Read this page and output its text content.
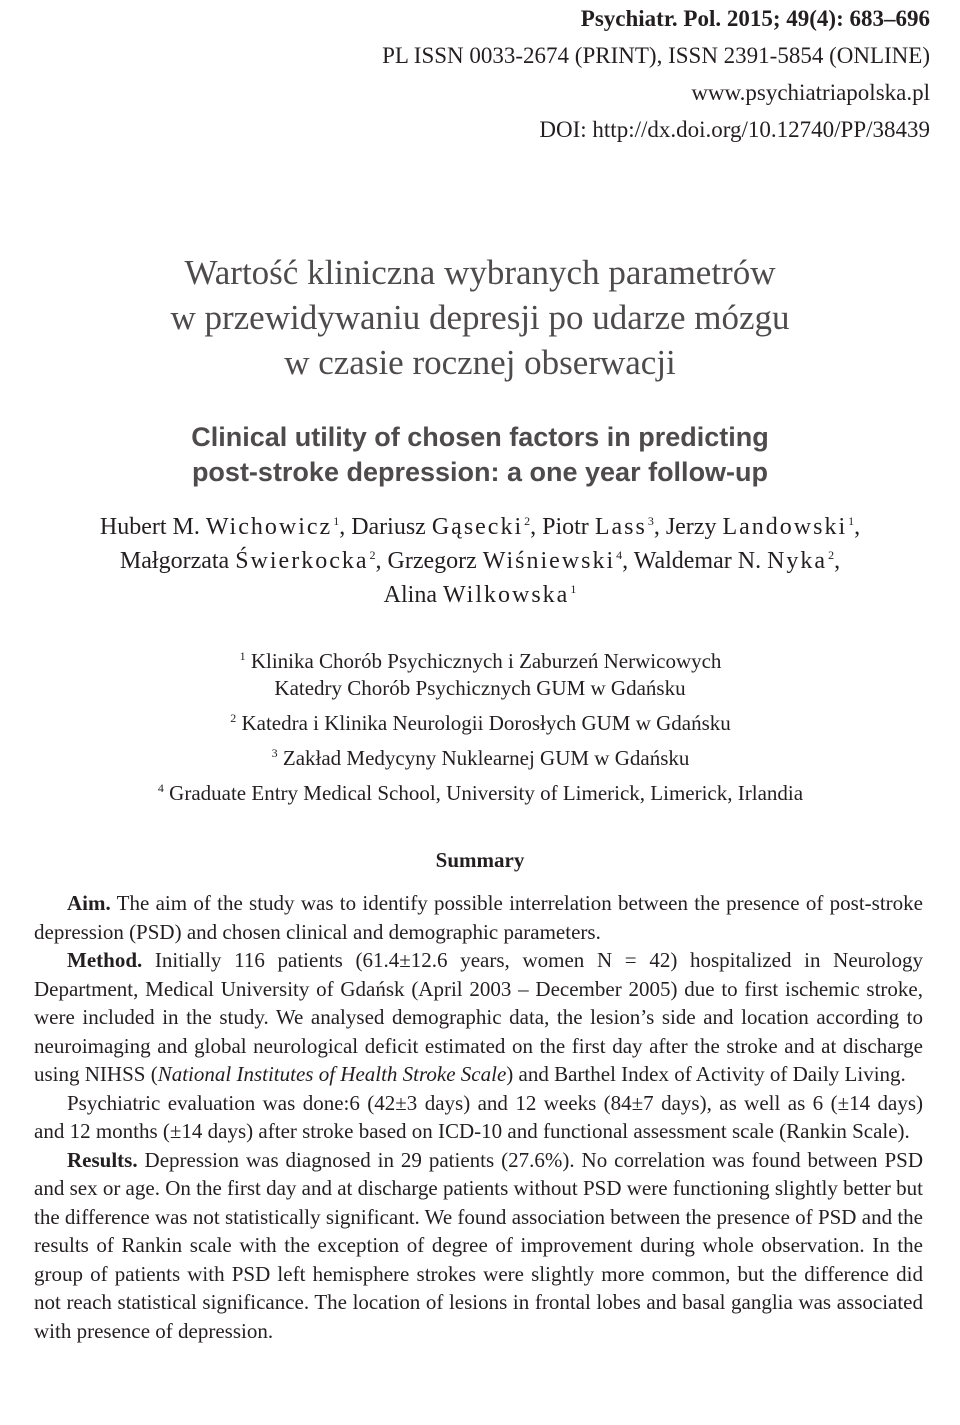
Psychiatr. Pol. 2015; 49(4): 683–696
PL ISSN 0033-2674 (PRINT), ISSN 2391-5854 (ONLINE)
www.psychiatriapolska.pl
DOI: http://dx.doi.org/10.12740/PP/38439
Wartość kliniczna wybranych parametrów
w przewidywaniu depresji po udarze mózgu
w czasie rocznej obserwacji
Clinical utility of chosen factors in predicting
post-stroke depression: a one year follow-up
Hubert M. Wichowicz$^1$, Dariusz Gąsecki$^2$, Piotr Lass$^3$, Jerzy Landowski$^1$,
Małgorzata Świerkocka$^2$, Grzegorz Wiśniewski$^4$, Waldemar N. Nyka$^2$,
Alina Wilkowska$^1$
$^1$ Klinika Chorób Psychicznych i Zaburzeń Nerwicowych
Katedry Chorób Psychicznych GUM w Gdańsku
$^2$ Katedra i Klinika Neurologii Dorosłych GUM w Gdańsku
$^3$ Zakład Medycyny Nuklearnej GUM w Gdańsku
$^4$ Graduate Entry Medical School, University of Limerick, Limerick, Irlandia
Summary

Aim. The aim of the study was to identify possible interrelation between the presence of post-stroke depression (PSD) and chosen clinical and demographic parameters.

Method. Initially 116 patients (61.4±12.6 years, women N = 42) hospitalized in Neurology Department, Medical University of Gdańsk (April 2003 – December 2005) due to first ischemic stroke, were included in the study. We analysed demographic data, the lesion’s side and location according to neuroimaging and global neurological deficit estimated on the first day after the stroke and at discharge using NIHSS (National Institutes of Health Stroke Scale) and Barthel Index of Activity of Daily Living.

Psychiatric evaluation was done:6 (42±3 days) and 12 weeks (84±7 days), as well as 6 (±14 days) and 12 months (±14 days) after stroke based on ICD-10 and functional assessment scale (Rankin Scale).

Results. Depression was diagnosed in 29 patients (27.6%). No correlation was found between PSD and sex or age. On the first day and at discharge patients without PSD were functioning slightly better but the difference was not statistically significant. We found association between the presence of PSD and the results of Rankin scale with the exception of degree of improvement during whole observation. In the group of patients with PSD left hemisphere strokes were slightly more common, but the difference did not reach statistical significance. The location of lesions in frontal lobes and basal ganglia was associated with presence of depression.
